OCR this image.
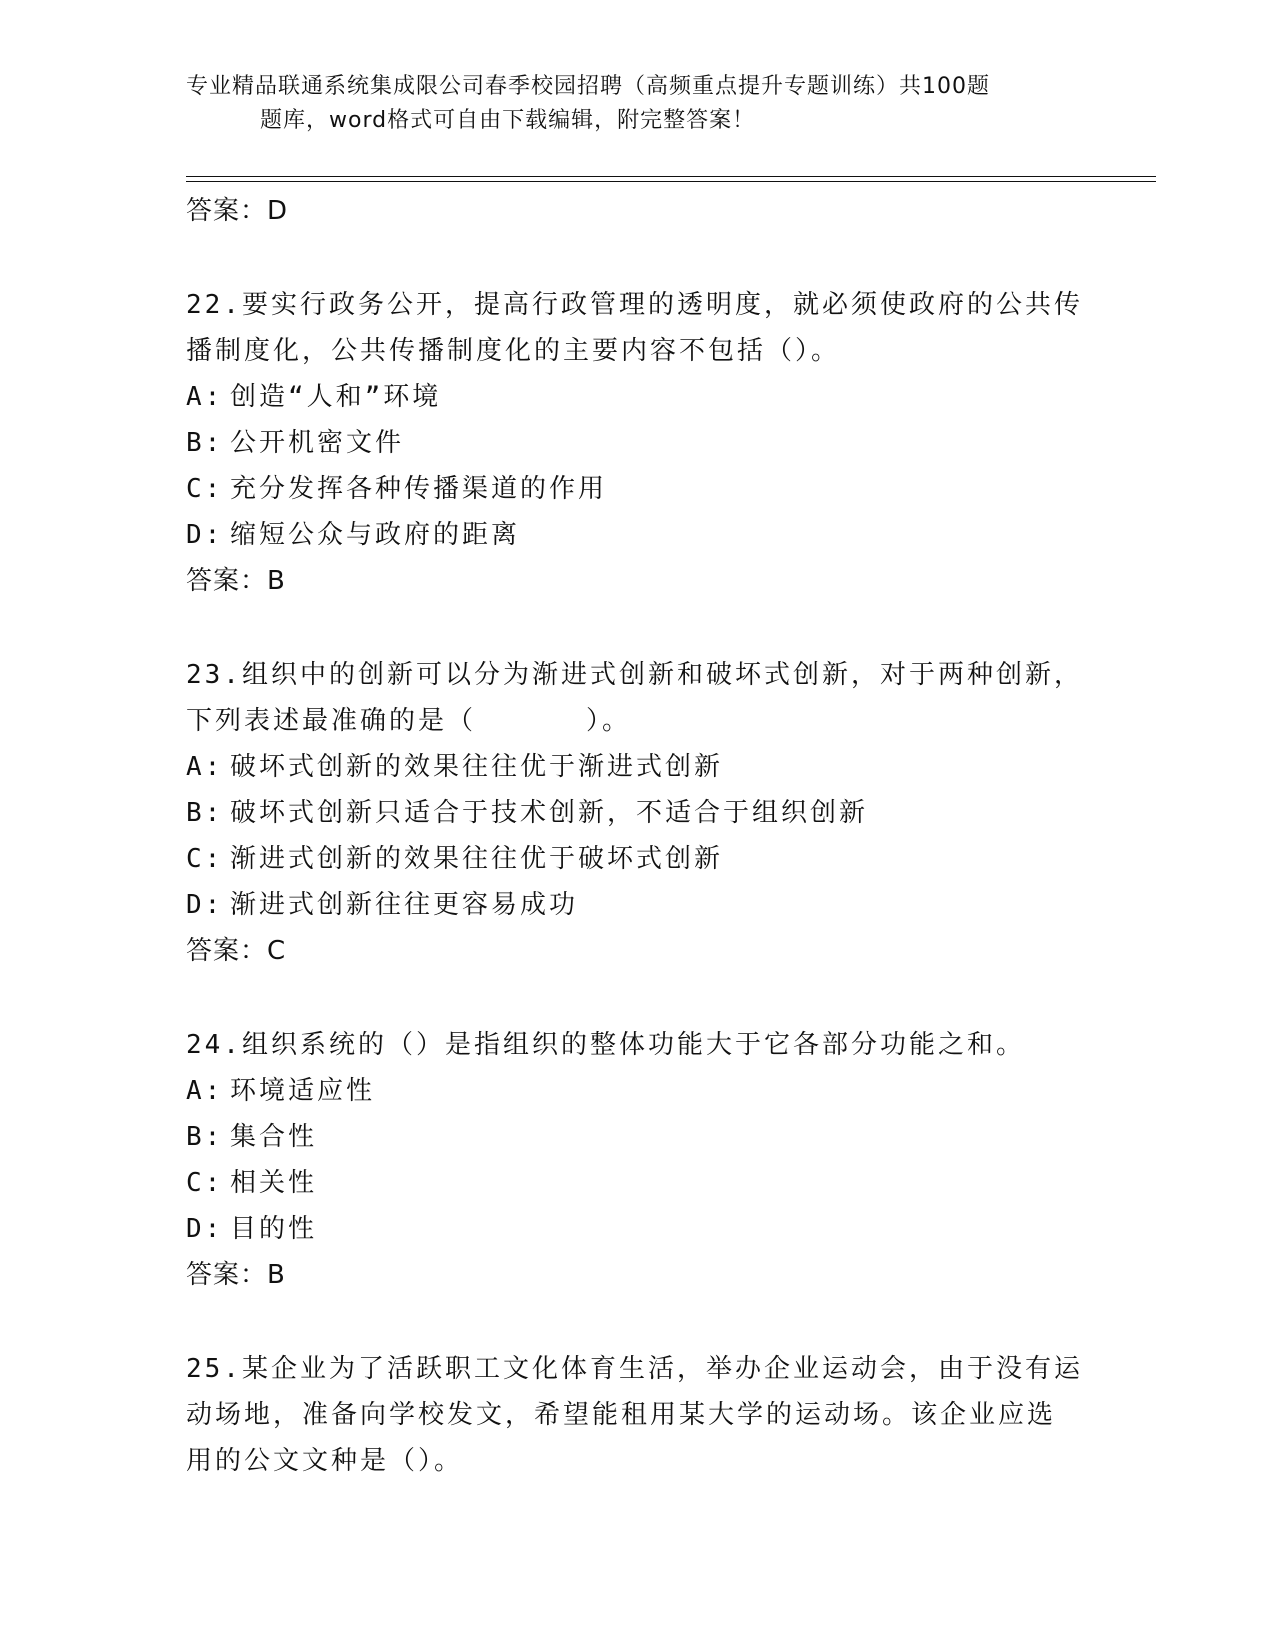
专业精品联通系统集成限公司春季校园招聘（高频重点提升专题训练）共100题
题库，word格式可自由下载编辑，附完整答案！
答案：D
22.要实行政务公开，提高行政管理的透明度，就必须使政府的公共传
播制度化，公共传播制度化的主要内容不包括（）。
A: 创造“人和”环境
B: 公开机密文件
C: 充分发挥各种传播渠道的作用
D: 缩短公众与政府的距离
答案：B
23.组织中的创新可以分为渐进式创新和破坏式创新，对于两种创新，
下列表述最准确的是（	）。
A: 破坏式创新的效果往往优于渐进式创新
B: 破坏式创新只适合于技术创新，不适合于组织创新
C: 渐进式创新的效果往往优于破坏式创新
D: 渐进式创新往往更容易成功
答案：C
24.组织系统的（）是指组织的整体功能大于它各部分功能之和。
A: 环境适应性
B: 集合性
C: 相关性
D: 目的性
答案：B
25.某企业为了活跃职工文化体育生活，举办企业运动会，由于没有运
动场地，准备向学校发文，希望能租用某大学的运动场。该企业应选
用的公文文种是（）。
